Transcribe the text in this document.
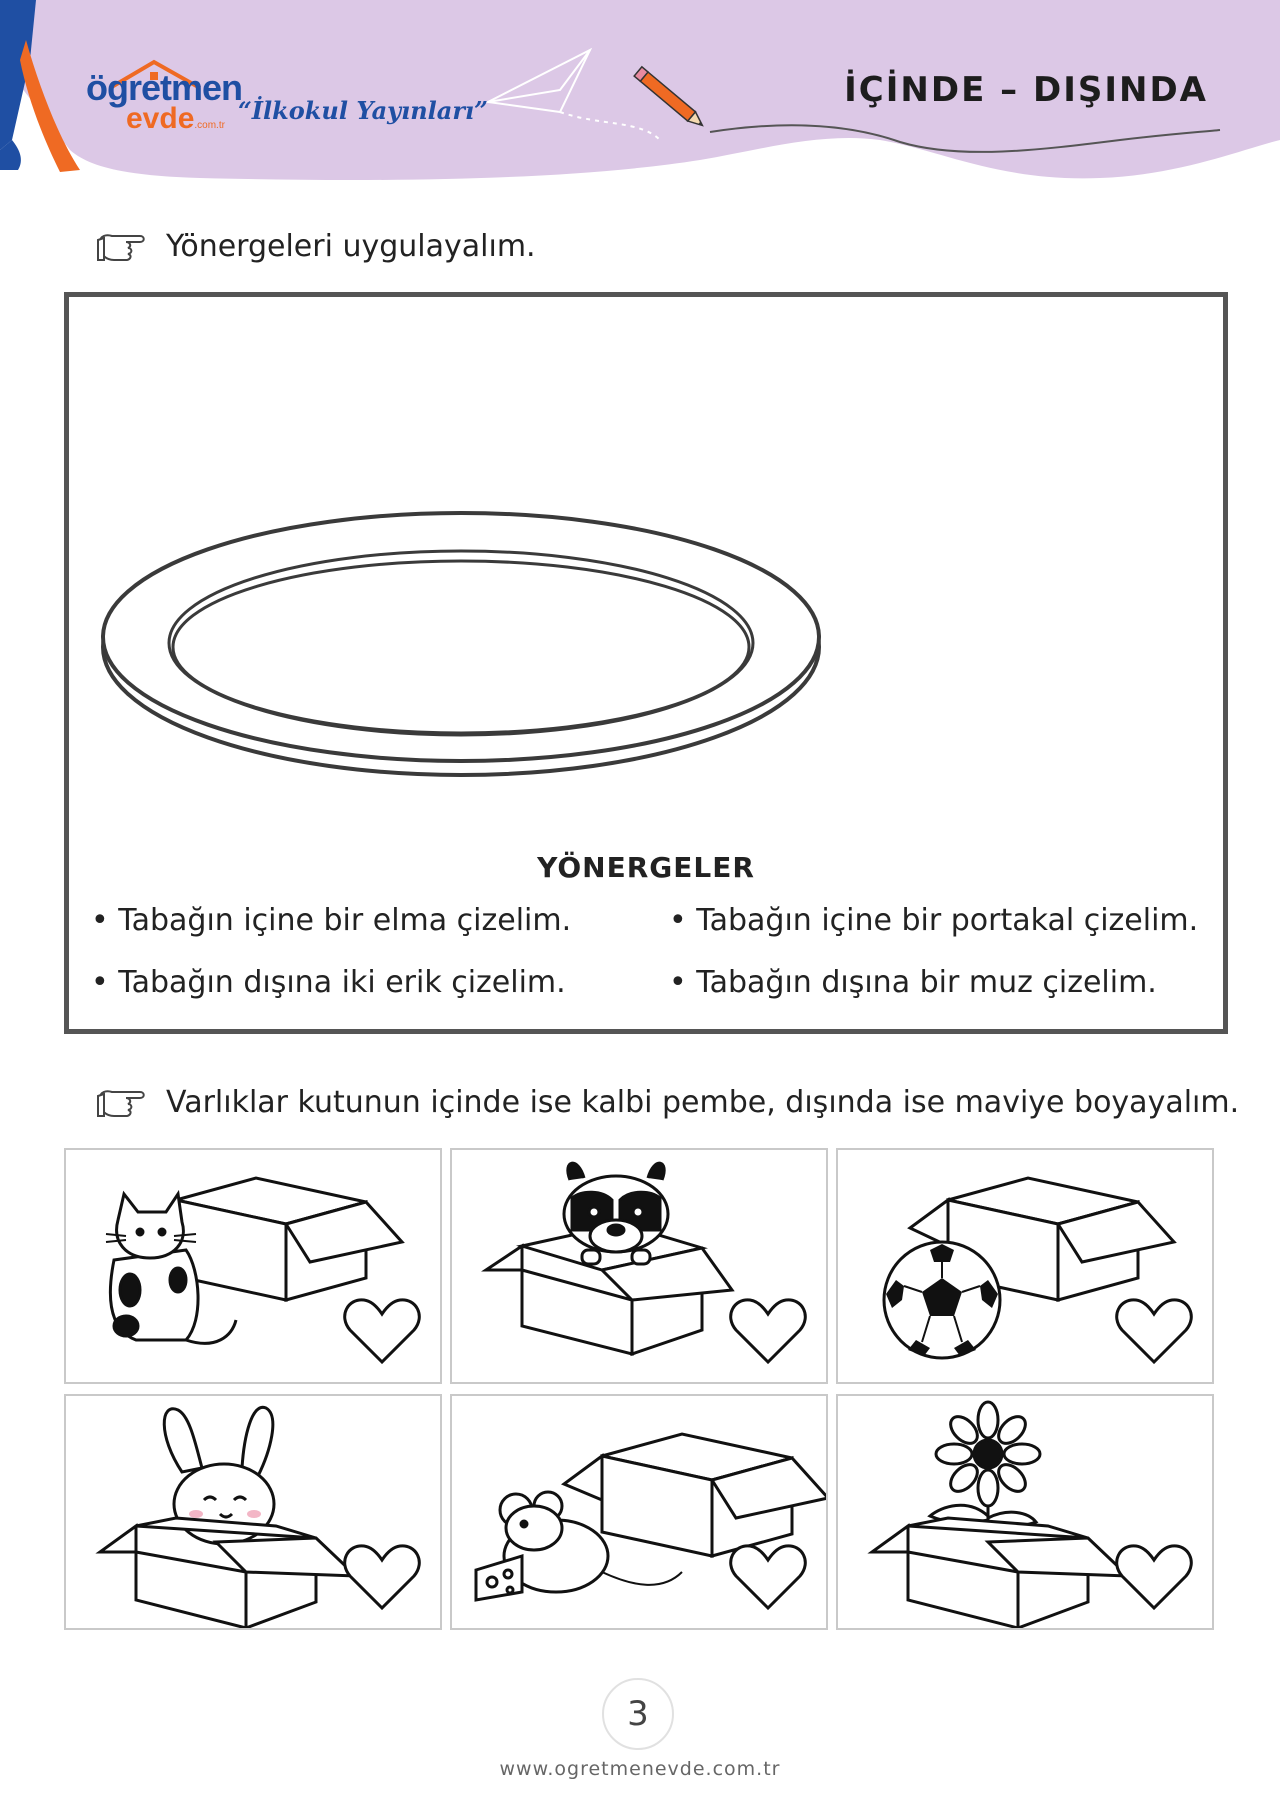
ögretmen
evde.com.tr
“İlkokul Yayınları”
İÇİNDE – DIŞINDA
Yönergeleri uygulayalım.
YÖNERGELER
• Tabağın içine bir elma çizelim.	• Tabağın içine bir portakal çizelim.
• Tabağın dışına iki erik çizelim.	• Tabağın dışına bir muz çizelim.
Varlıklar kutunun içinde ise kalbi pembe, dışında ise maviye boyayalım.
3
www.ogretmenevde.com.tr
